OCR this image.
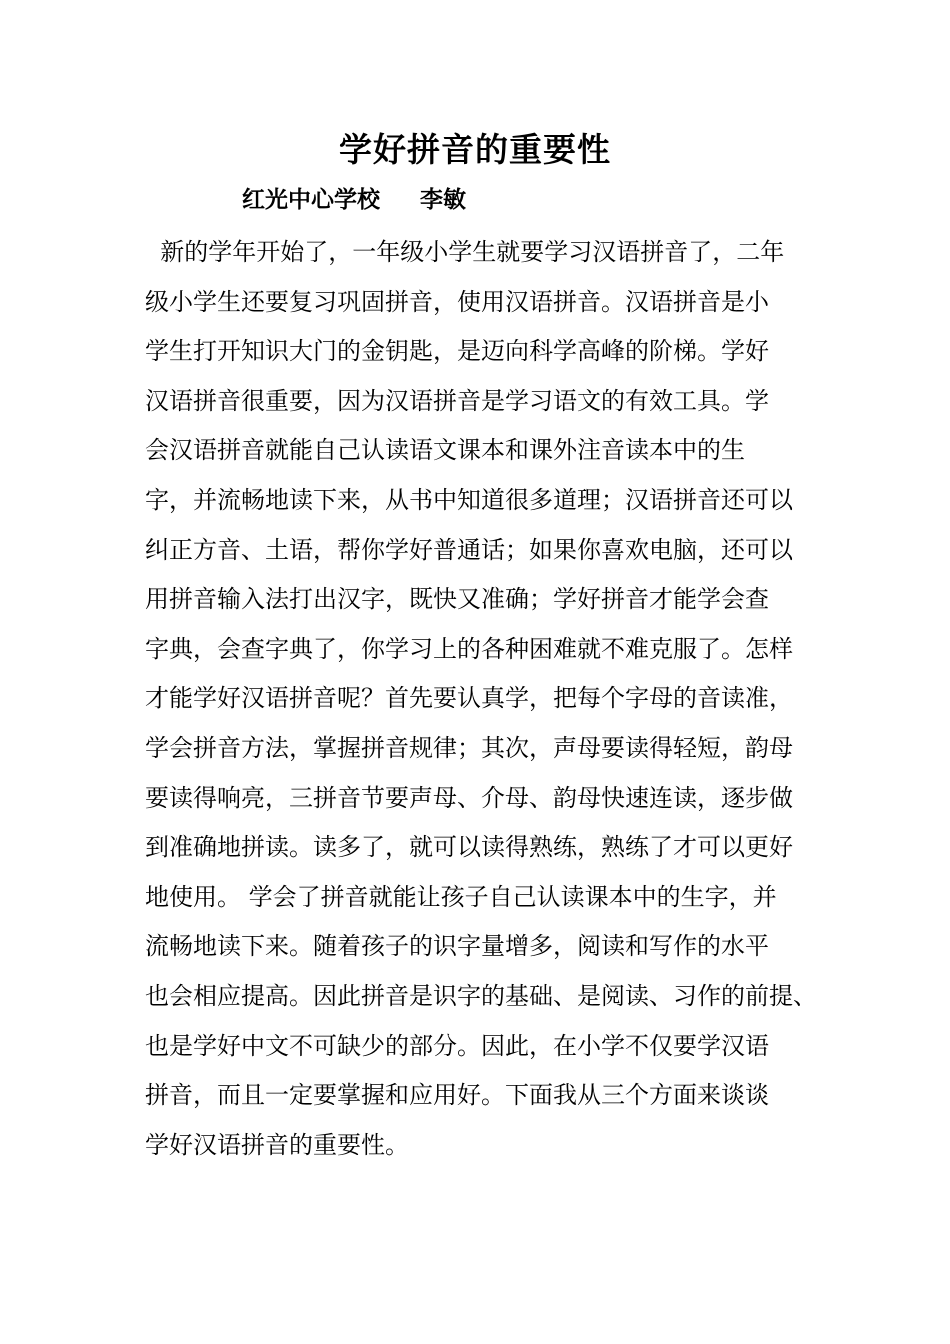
学好拼音的重要性
红光中心学校     李敏
新的学年开始了，一年级小学生就要学习汉语拼音了，二年
级小学生还要复习巩固拼音，使用汉语拼音。汉语拼音是小
学生打开知识大门的金钥匙，是迈向科学高峰的阶梯。学好
汉语拼音很重要，因为汉语拼音是学习语文的有效工具。学
会汉语拼音就能自己认读语文课本和课外注音读本中的生
字，并流畅地读下来，从书中知道很多道理；汉语拼音还可以
纠正方音、土语，帮你学好普通话；如果你喜欢电脑，还可以
用拼音输入法打出汉字，既快又准确；学好拼音才能学会查
字典，会查字典了，你学习上的各种困难就不难克服了。怎样
才能学好汉语拼音呢？首先要认真学，把每个字母的音读准，
学会拼音方法，掌握拼音规律；其次，声母要读得轻短，韵母
要读得响亮，三拼音节要声母、介母、韵母快速连读，逐步做
到准确地拼读。读多了，就可以读得熟练，熟练了才可以更好
地使用。 学会了拼音就能让孩子自己认读课本中的生字，并
流畅地读下来。随着孩子的识字量增多，阅读和写作的水平
也会相应提高。因此拼音是识字的基础、是阅读、习作的前提、
也是学好中文不可缺少的部分。因此，在小学不仅要学汉语
拼音，而且一定要掌握和应用好。下面我从三个方面来谈谈
学好汉语拼音的重要性。
